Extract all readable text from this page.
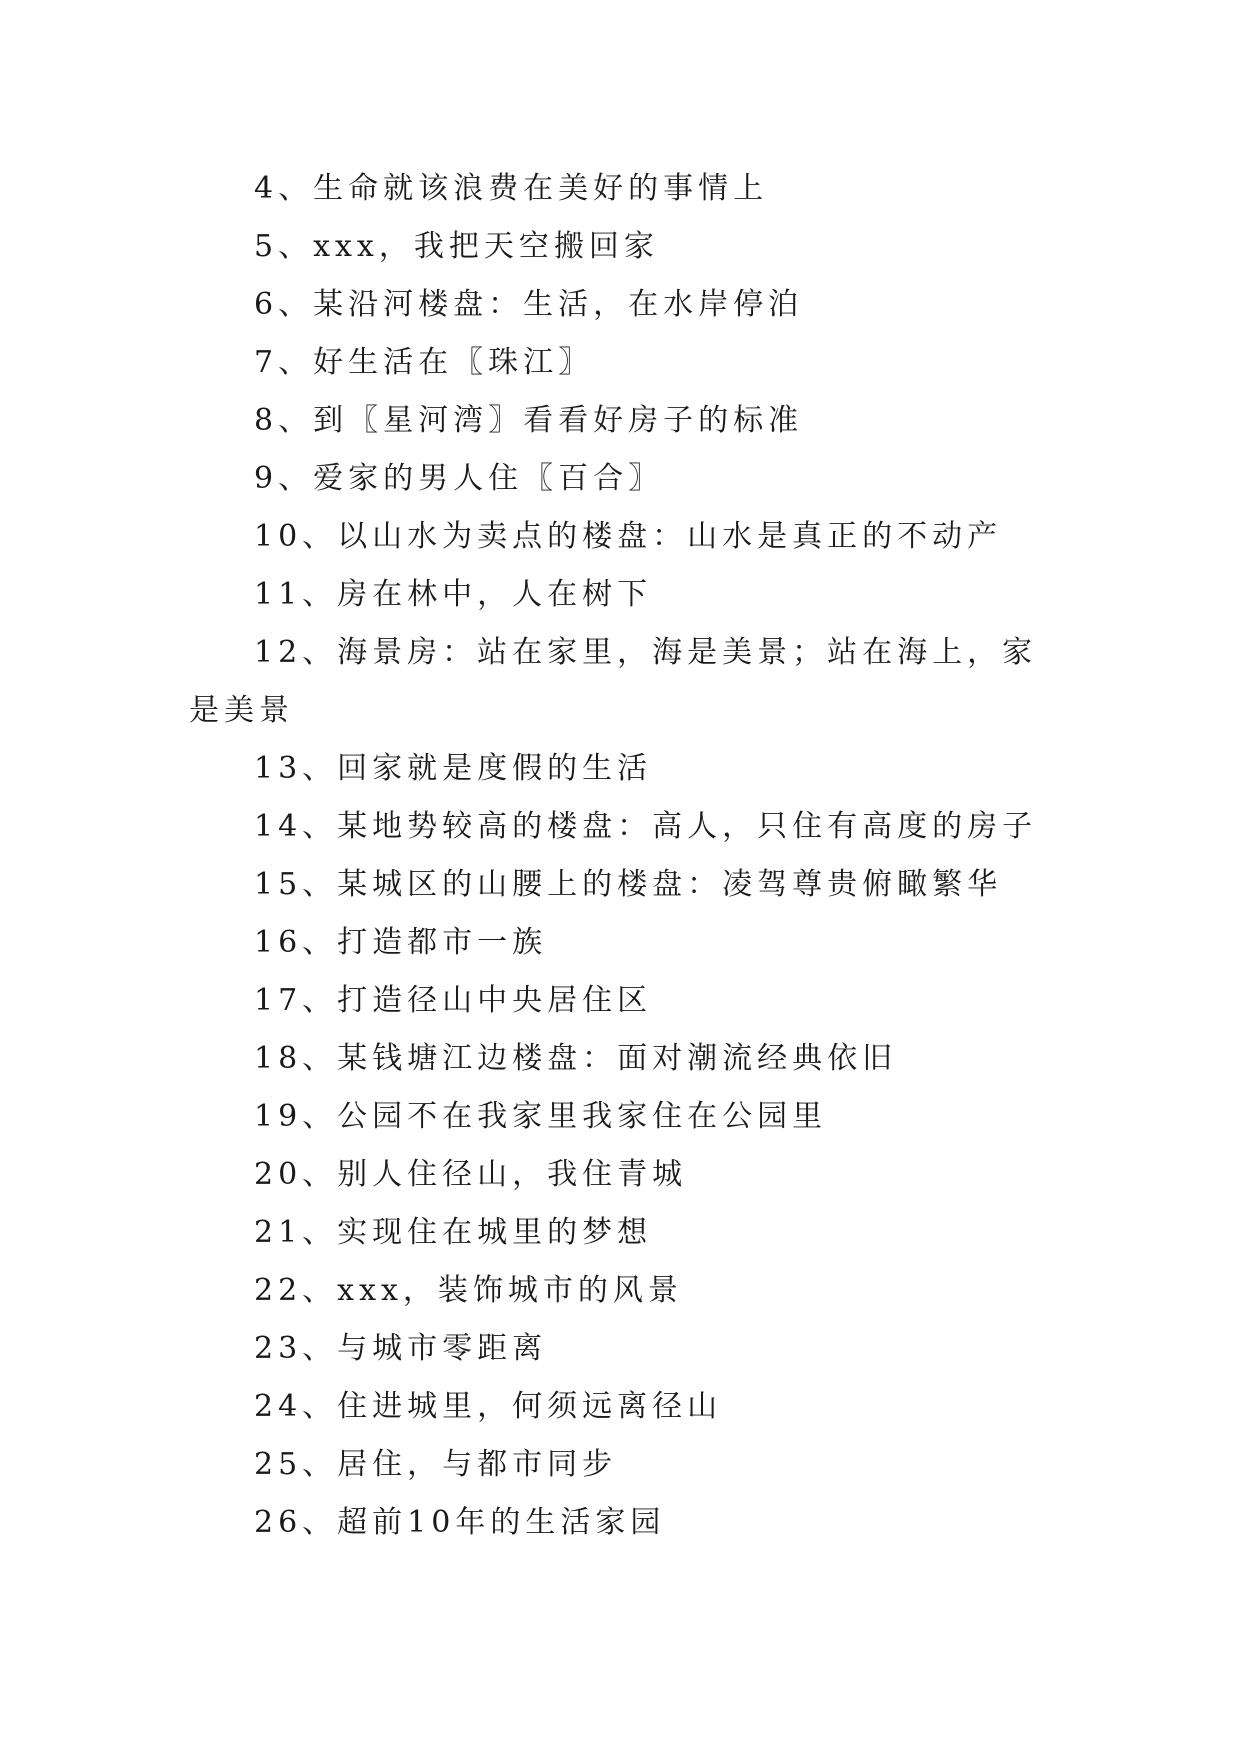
4、生命就该浪费在美好的事情上

5、xxx，我把天空搬回家

6、某沿河楼盘：生活，在水岸停泊

7、好生活在〖珠江〗

8、到〖星河湾〗看看好房子的标准

9、爱家的男人住〖百合〗

10、以山水为卖点的楼盘：山水是真正的不动产

11、房在林中，人在树下

12、海景房：站在家里，海是美景；站在海上，家是美景

13、回家就是度假的生活

14、某地势较高的楼盘：高人，只住有高度的房子

15、某城区的山腰上的楼盘：凌驾尊贵俯瞰繁华

16、打造都市一族

17、打造径山中央居住区

18、某钱塘江边楼盘：面对潮流经典依旧

19、公园不在我家里我家住在公园里

20、别人住径山，我住青城

21、实现住在城里的梦想

22、xxx，装饰城市的风景

23、与城市零距离

24、住进城里，何须远离径山

25、居住，与都市同步

26、超前10年的生活家园
